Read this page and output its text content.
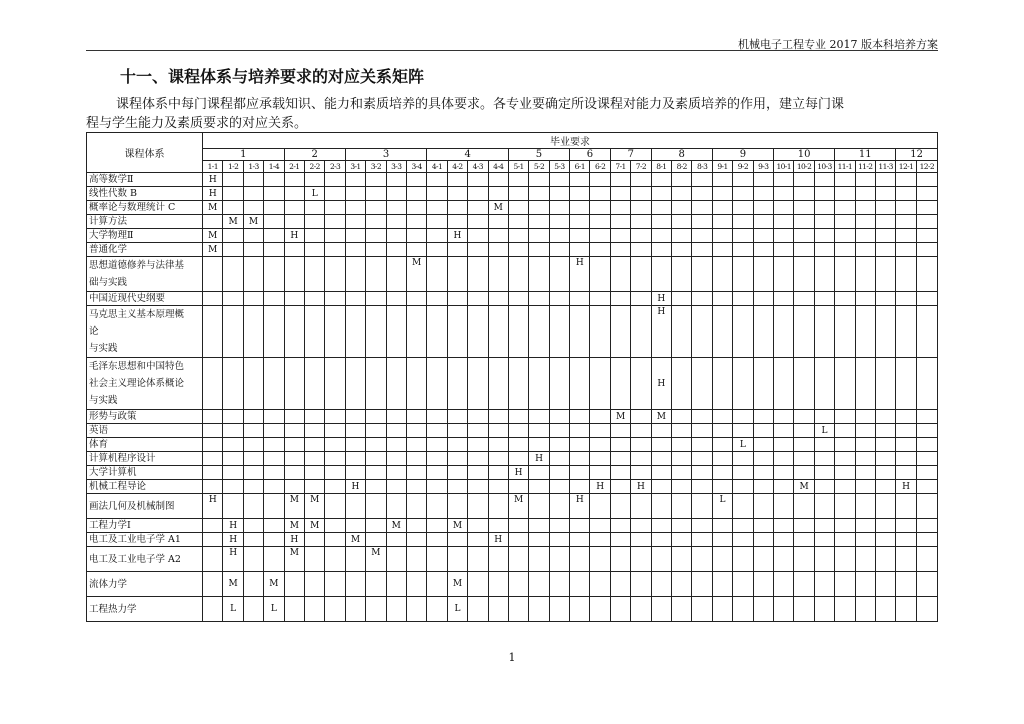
机械电子工程专业 2017 版本科培养方案
十一、课程体系与培养要求的对应关系矩阵
课程体系中每门课程都应承载知识、能力和素质培养的具体要求。各专业要确定所设课程对能力及素质培养的作用，建立每门课
程与学生能力及素质要求的对应关系。
课程体系	毕业要求																																			
	1				2			3				4				5			6		7		8			9			10			11			12	
	1-1	1-2	1-3	1-4	2-1	2-2	2-3	3-1	3-2	3-3	3-4	4-1	4-2	4-3	4-4	5-1	5-2	5-3	6-1	6-2	7-1	7-2	8-1	8-2	8-3	9-1	9-2	9-3	10-1	10-2	10-3	11-1	11-2	11-3	12-1	12-2

高等数学Ⅱ	H																																			

线性代数 B	H					L																														

概率论与数理统计 C	M														M																					

计算方法		M	M																																	

大学物理Ⅱ	M				H								H																							

普通化学	M																																			

思想道德修养与法律基
础与实践											M								H																	

中国近现代史纲要																							H													

马克思主义基本原理概
论
与实践																							H													

毛泽东思想和中国特色
社会主义理论体系概论
与实践																							H													

形势与政策																					M		M													

英语																															L					

体育																											L									

计算机程序设计																	H																			

大学计算机																H																				

机械工程导论								H												H		H								M					H	

画法几何及机械制图	H				M	M										M			H							L										

工程力学Ⅰ		H			M	M				M			M																							

电工及工业电子学 A1		H			H			M							H																					

电工及工业电子学 A2		H			M				M																											

流体力学		M		M									M																							

工程热力学		L		L									L																							
1
